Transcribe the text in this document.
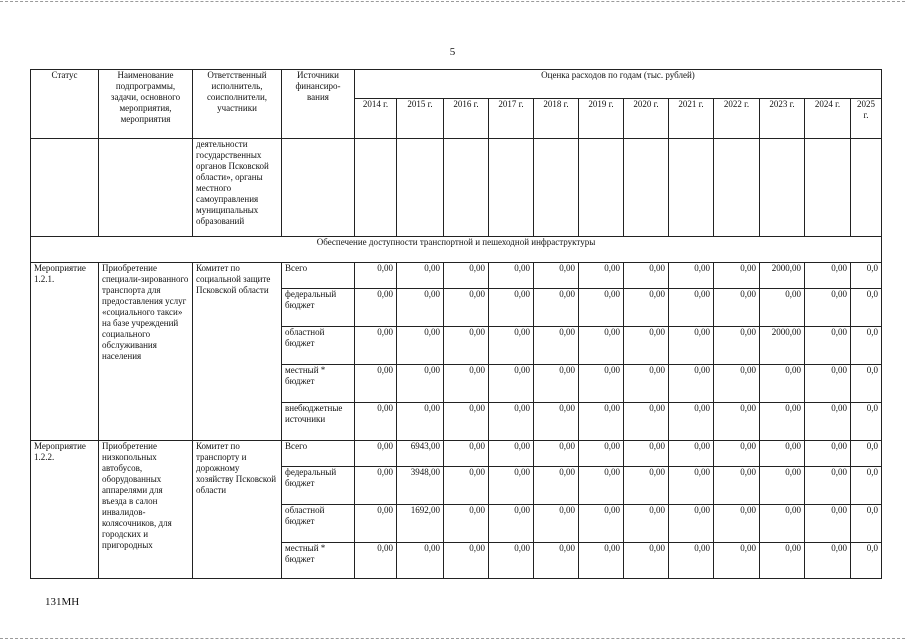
5
Статус	Наименование подпрограммы, задачи, основного мероприятия, мероприятия	Ответственный исполнитель, соисполнители, участники	Источники финансиро-вания	Оценка расходов по годам (тыс. рублей)											
				2014 г.	2015 г.	2016 г.	2017 г.	2018 г.	2019 г.	2020 г.	2021 г.	2022 г.	2023 г.	2024 г.	2025 г.
		деятельности государственных органов Псковской области», органы местного самоуправления муниципальных образований													
Обеспечение доступности транспортной и пешеходной инфраструктуры															
Мероприятие 1.2.1.	Приобретение специали-зированного транспорта для предоставления услуг «социального такси» на базе учреждений социального обслуживания населения	Комитет по социальной защите Псковской области	Всего	0,00	0,00	0,00	0,00	0,00	0,00	0,00	0,00	0,00	2000,00	0,00	0,0
			федеральный бюджет	0,00	0,00	0,00	0,00	0,00	0,00	0,00	0,00	0,00	0,00	0,00	0,0
			областной бюджет	0,00	0,00	0,00	0,00	0,00	0,00	0,00	0,00	0,00	2000,00	0,00	0,0
			местный * бюджет	0,00	0,00	0,00	0,00	0,00	0,00	0,00	0,00	0,00	0,00	0,00	0,0
			внебюджетные источники	0,00	0,00	0,00	0,00	0,00	0,00	0,00	0,00	0,00	0,00	0,00	0,0
Мероприятие 1.2.2.	Приобретение низкопольных автобусов, оборудованных аппарелями для въезда в салон инвалидов-колясочников, для городских и пригородных	Комитет по транспорту и дорожному хозяйству Псковской области	Всего	0,00	6943,00	0,00	0,00	0,00	0,00	0,00	0,00	0,00	0,00	0,00	0,0
			федеральный бюджет	0,00	3948,00	0,00	0,00	0,00	0,00	0,00	0,00	0,00	0,00	0,00	0,0
			областной бюджет	0,00	1692,00	0,00	0,00	0,00	0,00	0,00	0,00	0,00	0,00	0,00	0,0
			местный * бюджет	0,00	0,00	0,00	0,00	0,00	0,00	0,00	0,00	0,00	0,00	0,00	0,0
131МН
